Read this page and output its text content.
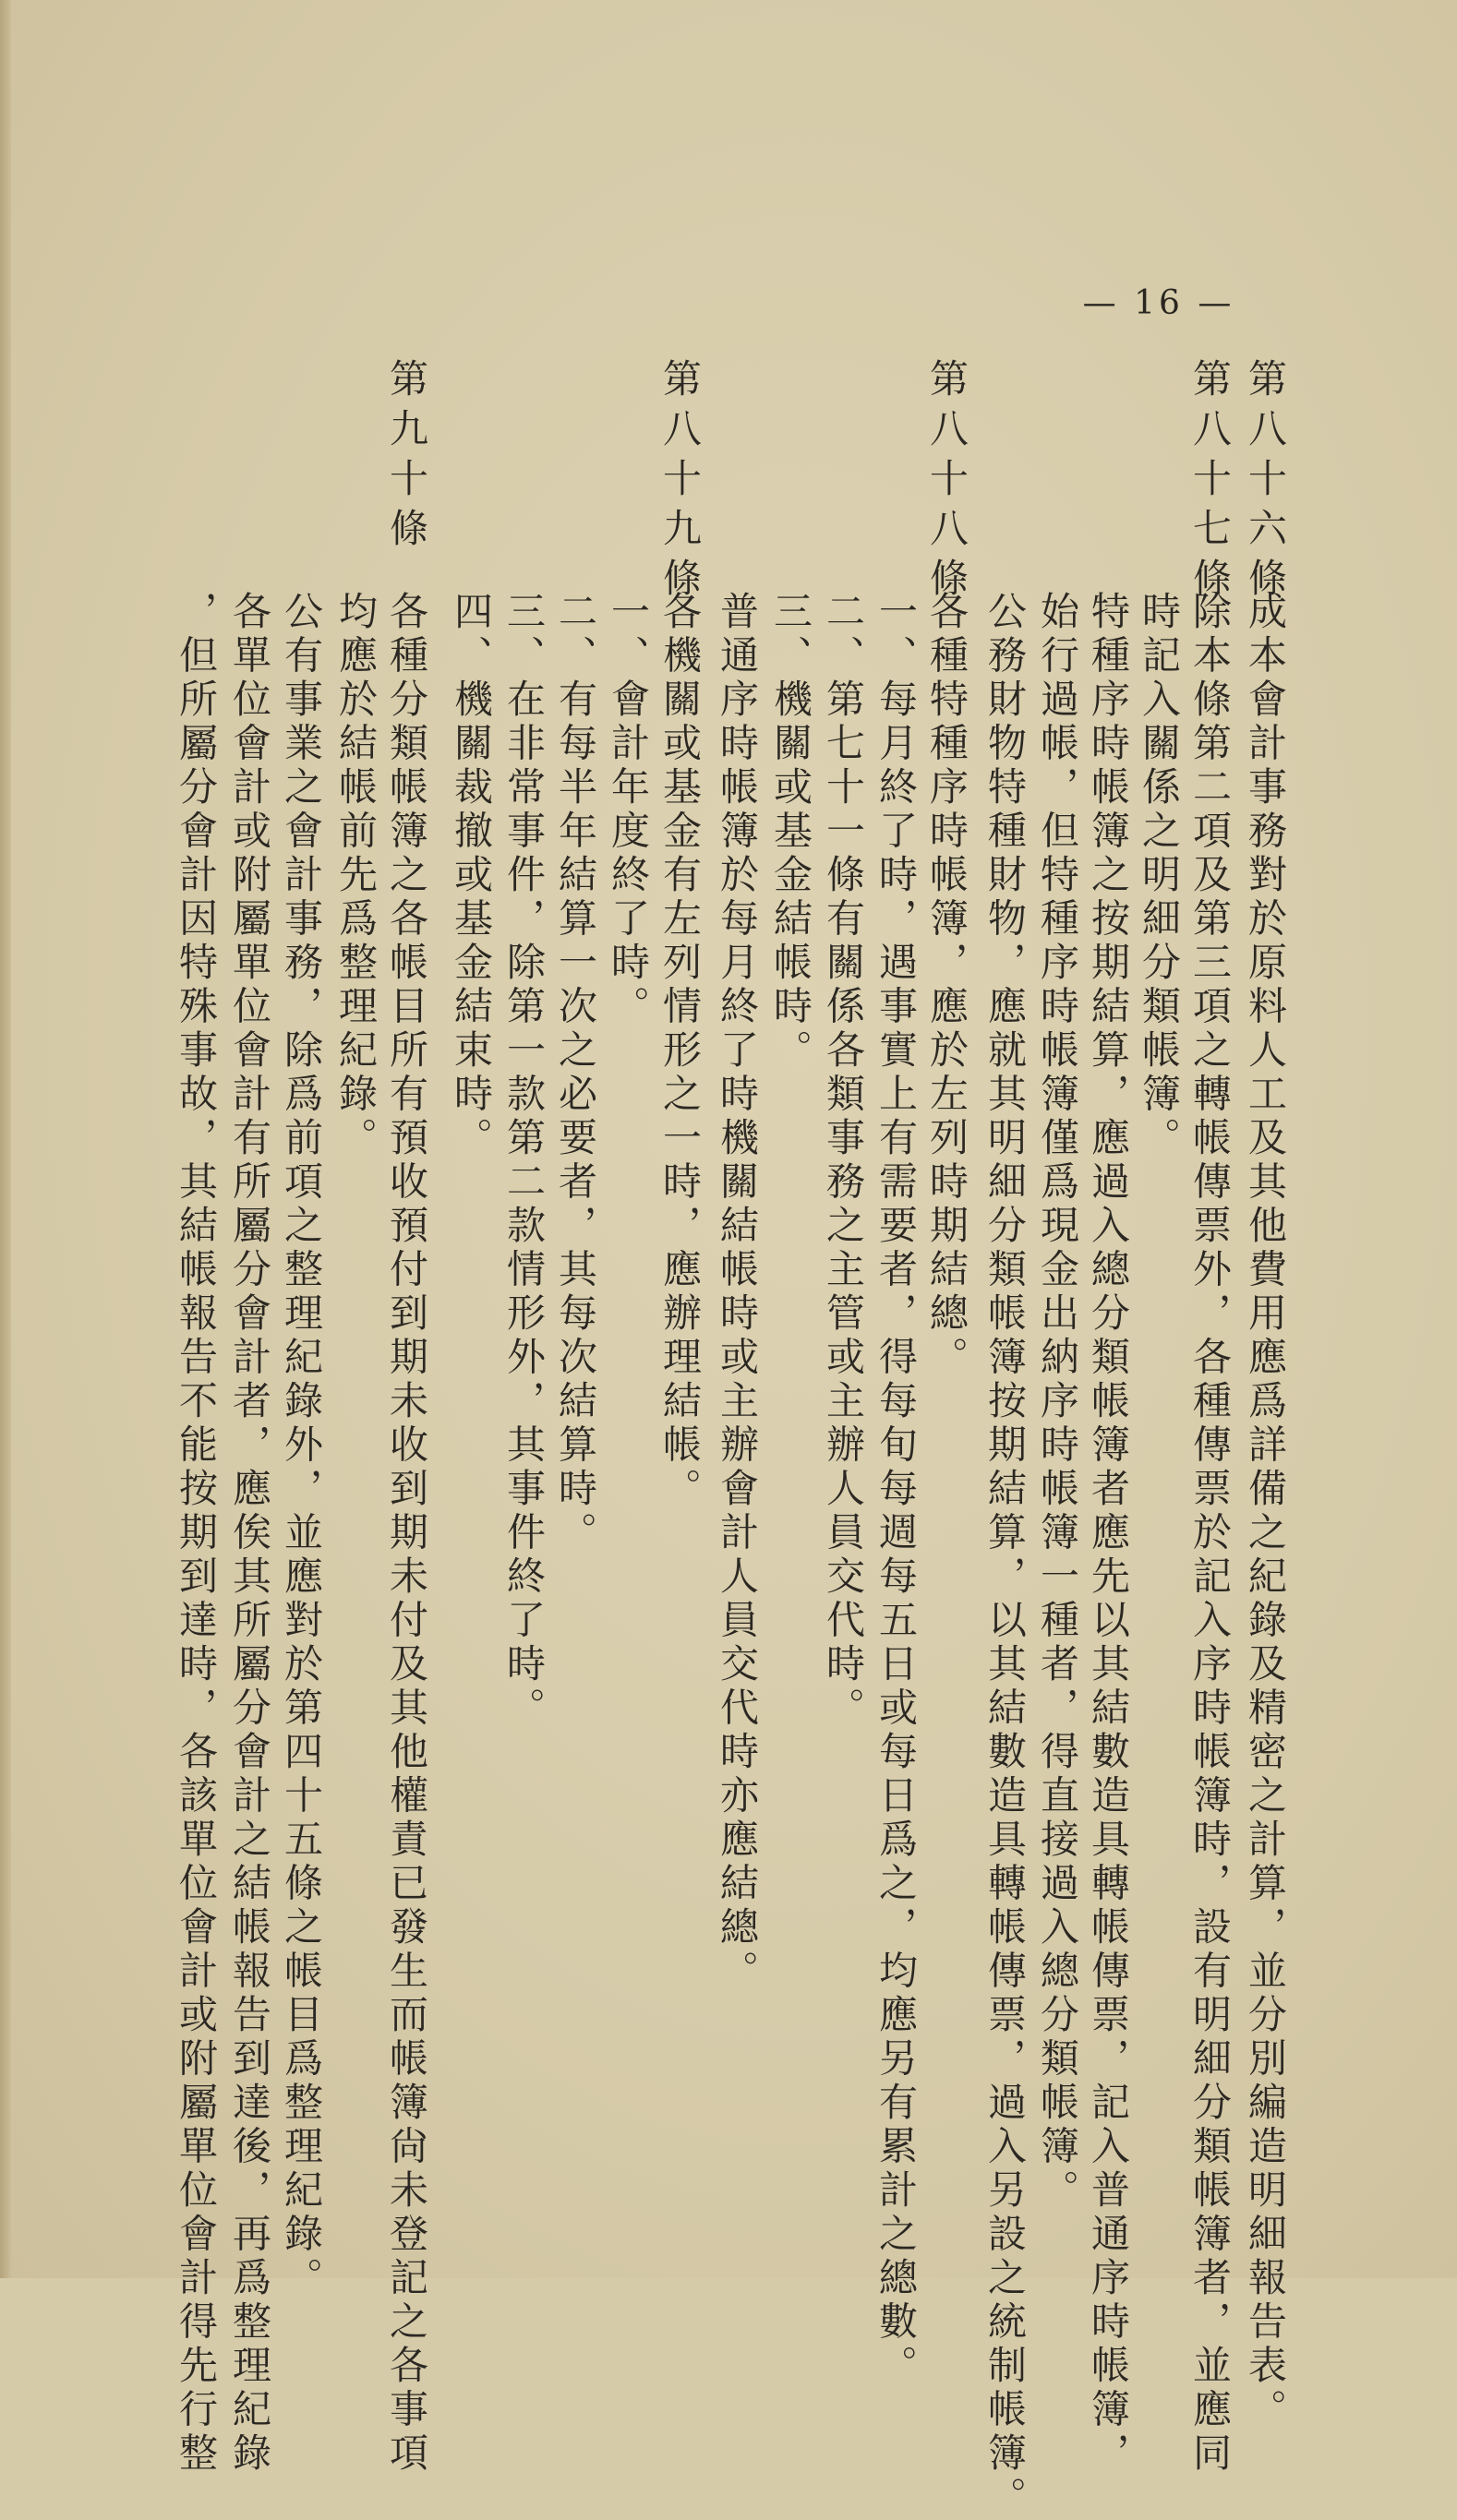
— 16 —
第八十六條
成本會計事務對於原料人工及其他費用應爲詳備之紀錄及精密之計算，並分別編造明細報告表。
第八十七條
除本條第二項及第三項之轉帳傳票外，各種傳票於記入序時帳簿時，設有明細分類帳簿者，並應同
時記入關係之明細分類帳簿。
特種序時帳簿之按期結算，應過入總分類帳簿者應先以其結數造具轉帳傳票，記入普通序時帳簿，
始行過帳，但特種序時帳簿僅爲現金出納序時帳簿一種者，得直接過入總分類帳簿。
公務財物特種財物，應就其明細分類帳簿按期結算，以其結數造具轉帳傳票，過入另設之統制帳簿。
第八十八條
各種特種序時帳簿，應於左列時期結總。
一、每月終了時，遇事實上有需要者，得每旬每週每五日或每日爲之，均應另有累計之總數。
二、第七十一條有關係各類事務之主管或主辦人員交代時。
三、機關或基金結帳時。
普通序時帳簿於每月終了時機關結帳時或主辦會計人員交代時亦應結總。
第八十九條
各機關或基金有左列情形之一時，應辦理結帳。
一、會計年度終了時。
二、有每半年結算一次之必要者，其每次結算時。
三、在非常事件，除第一款第二款情形外，其事件終了時。
四、機關裁撤或基金結束時。
第九十條
各種分類帳簿之各帳目所有預收預付到期未收到期未付及其他權責已發生而帳簿尙未登記之各事項
均應於結帳前先爲整理紀錄。
公有事業之會計事務，除爲前項之整理紀錄外，並應對於第四十五條之帳目爲整理紀錄。
各單位會計或附屬單位會計有所屬分會計者，應俟其所屬分會計之結帳報告到達後，再爲整理紀錄
，但所屬分會計因特殊事故，其結帳報告不能按期到達時，各該單位會計或附屬單位會計得先行整
